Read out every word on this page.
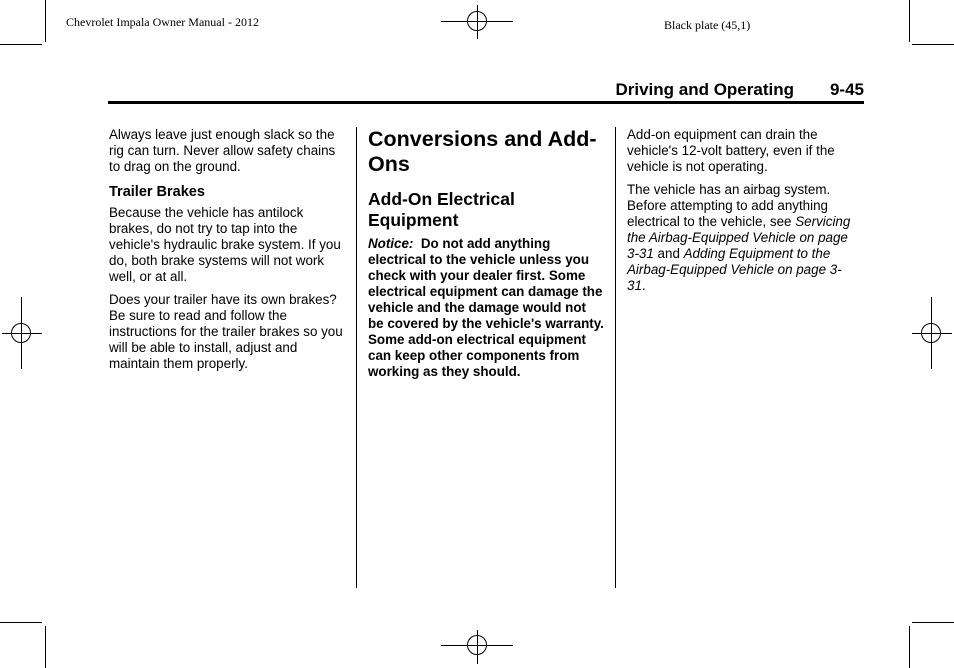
Chevrolet Impala Owner Manual - 2012	Black plate (45,1)
Driving and Operating 9-45

Always leave just enough slack so the rig can turn. Never allow safety chains to drag on the ground.

Trailer Brakes

Because the vehicle has antilock brakes, do not try to tap into the vehicle's hydraulic brake system. If you do, both brake systems will not work well, or at all.

Does your trailer have its own brakes? Be sure to read and follow the instructions for the trailer brakes so you will be able to install, adjust and maintain them properly.

Conversions and Add-Ons
Add-On Electrical Equipment

Notice: Do not add anything electrical to the vehicle unless you check with your dealer first. Some electrical equipment can damage the vehicle and the damage would not be covered by the vehicle's warranty. Some add-on electrical equipment can keep other components from working as they should.

Add-on equipment can drain the vehicle's 12-volt battery, even if the vehicle is not operating.

The vehicle has an airbag system. Before attempting to add anything electrical to the vehicle, see Servicing the Airbag-Equipped Vehicle on page 3-31 and Adding Equipment to the Airbag-Equipped Vehicle on page 3-31.
